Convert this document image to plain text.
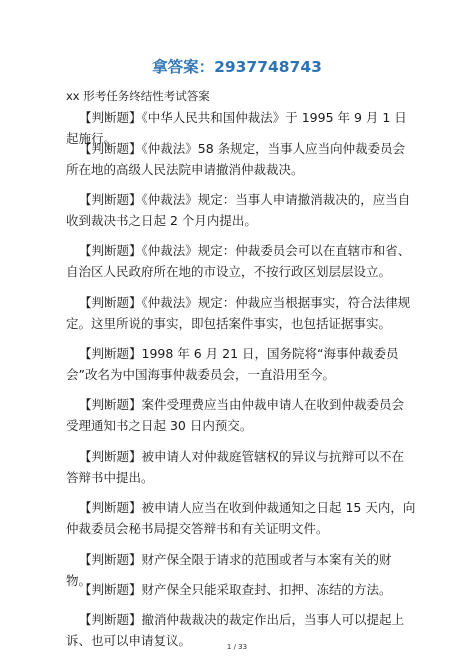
拿答案：2937748743
xx 形考任务终结性考试答案

【判断题】《中华人民共和国仲裁法》于 1995 年 9 月 1 日起施行。

【判断题】《仲裁法》58 条规定，当事人应当向仲裁委员会所在地的高级人民法院申请撤消仲裁裁决。

【判断题】《仲裁法》规定：当事人申请撤消裁决的，应当自收到裁决书之日起 2 个月内提出。

【判断题】《仲裁法》规定：仲裁委员会可以在直辖市和省、自治区人民政府所在地的市设立，不按行政区划层层设立。

【判断题】《仲裁法》规定：仲裁应当根据事实，符合法律规定。这里所说的事实，即包括案件事实，也包括证据事实。

【判断题】1998 年 6 月 21 日，国务院将“海事仲裁委员会”改名为中国海事仲裁委员会，一直沿用至今。

【判断题】案件受理费应当由仲裁申请人在收到仲裁委员会受理通知书之日起 30 日内预交。

【判断题】被申请人对仲裁庭管辖权的异议与抗辩可以不在答辩书中提出。

【判断题】被申请人应当在收到仲裁通知之日起 15 天内，向仲裁委员会秘书局提交答辩书和有关证明文件。

【判断题】财产保全限于请求的范围或者与本案有关的财物。

【判断题】财产保全只能采取查封、扣押、冻结的方法。

【判断题】撤消仲裁裁决的裁定作出后，当事人可以提起上诉、也可以申请复议。	1 / 33
